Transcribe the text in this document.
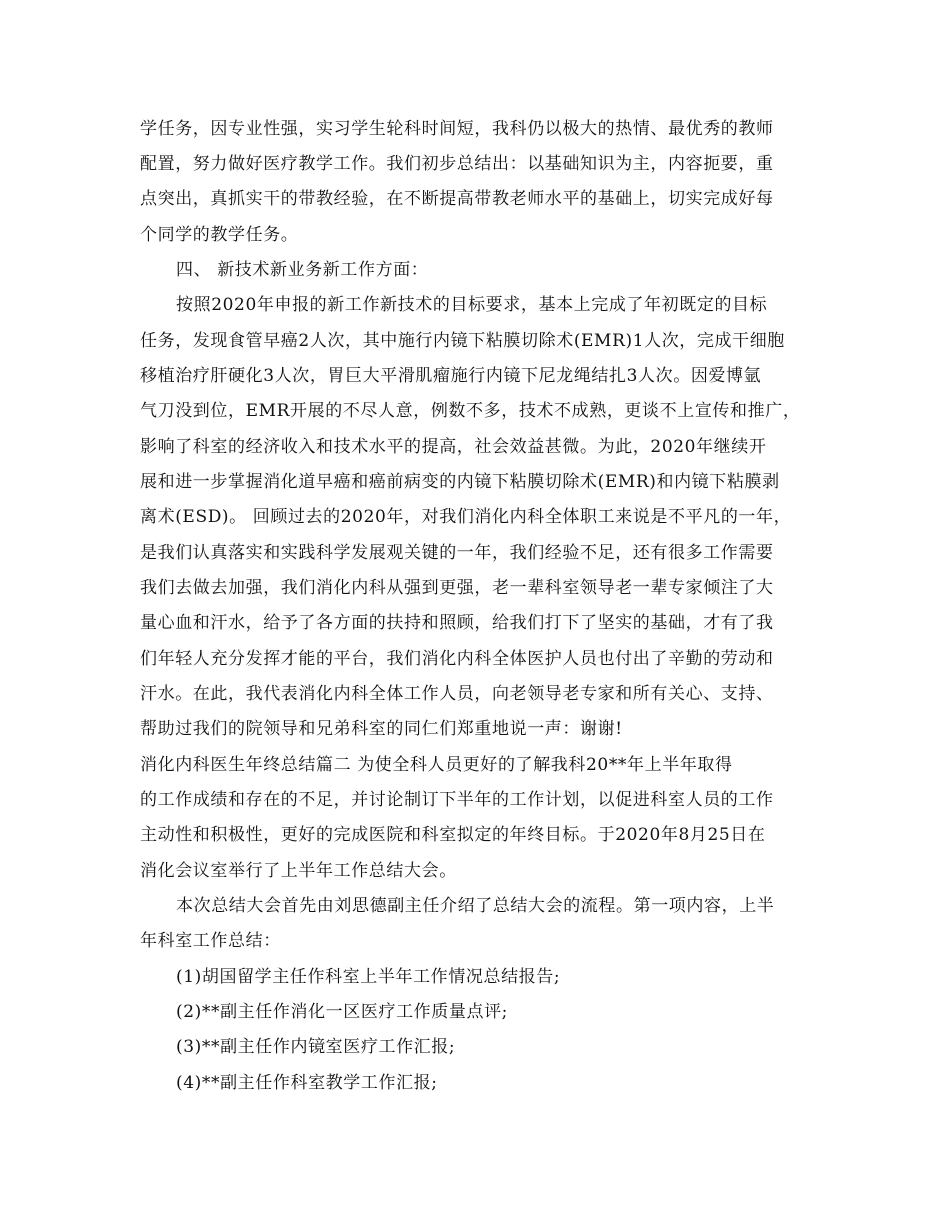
学任务，因专业性强，实习学生轮科时间短，我科仍以极大的热情、最优秀的教师
配置，努力做好医疗教学工作。我们初步总结出：以基础知识为主，内容扼要，重
点突出，真抓实干的带教经验，在不断提高带教老师水平的基础上，切实完成好每
个同学的教学任务。
四、 新技术新业务新工作方面：
按照2020年申报的新工作新技术的目标要求，基本上完成了年初既定的目标
任务，发现食管早癌2人次，其中施行内镜下粘膜切除术(EMR)1人次，完成干细胞
移植治疗肝硬化3人次，胃巨大平滑肌瘤施行内镜下尼龙绳结扎3人次。因爱博氩
气刀没到位，EMR开展的不尽人意，例数不多，技术不成熟，更谈不上宣传和推广，
影响了科室的经济收入和技术水平的提高，社会效益甚微。为此，2020年继续开
展和进一步掌握消化道早癌和癌前病变的内镜下粘膜切除术(EMR)和内镜下粘膜剥
离术(ESD)。 回顾过去的2020年，对我们消化内科全体职工来说是不平凡的一年，
是我们认真落实和实践科学发展观关键的一年，我们经验不足，还有很多工作需要
我们去做去加强，我们消化内科从强到更强，老一辈科室领导老一辈专家倾注了大
量心血和汗水，给予了各方面的扶持和照顾，给我们打下了坚实的基础，才有了我
们年轻人充分发挥才能的平台，我们消化内科全体医护人员也付出了辛勤的劳动和
汗水。在此，我代表消化内科全体工作人员，向老领导老专家和所有关心、支持、
帮助过我们的院领导和兄弟科室的同仁们郑重地说一声：谢谢!
消化内科医生年终总结篇二 为使全科人员更好的了解我科20**年上半年取得
的工作成绩和存在的不足，并讨论制订下半年的工作计划，以促进科室人员的工作
主动性和积极性，更好的完成医院和科室拟定的年终目标。于2020年8月25日在
消化会议室举行了上半年工作总结大会。
本次总结大会首先由刘思德副主任介绍了总结大会的流程。第一项内容，上半
年科室工作总结：
(1)胡国留学主任作科室上半年工作情况总结报告;
(2)**副主任作消化一区医疗工作质量点评;
(3)**副主任作内镜室医疗工作汇报;
(4)**副主任作科室教学工作汇报;
